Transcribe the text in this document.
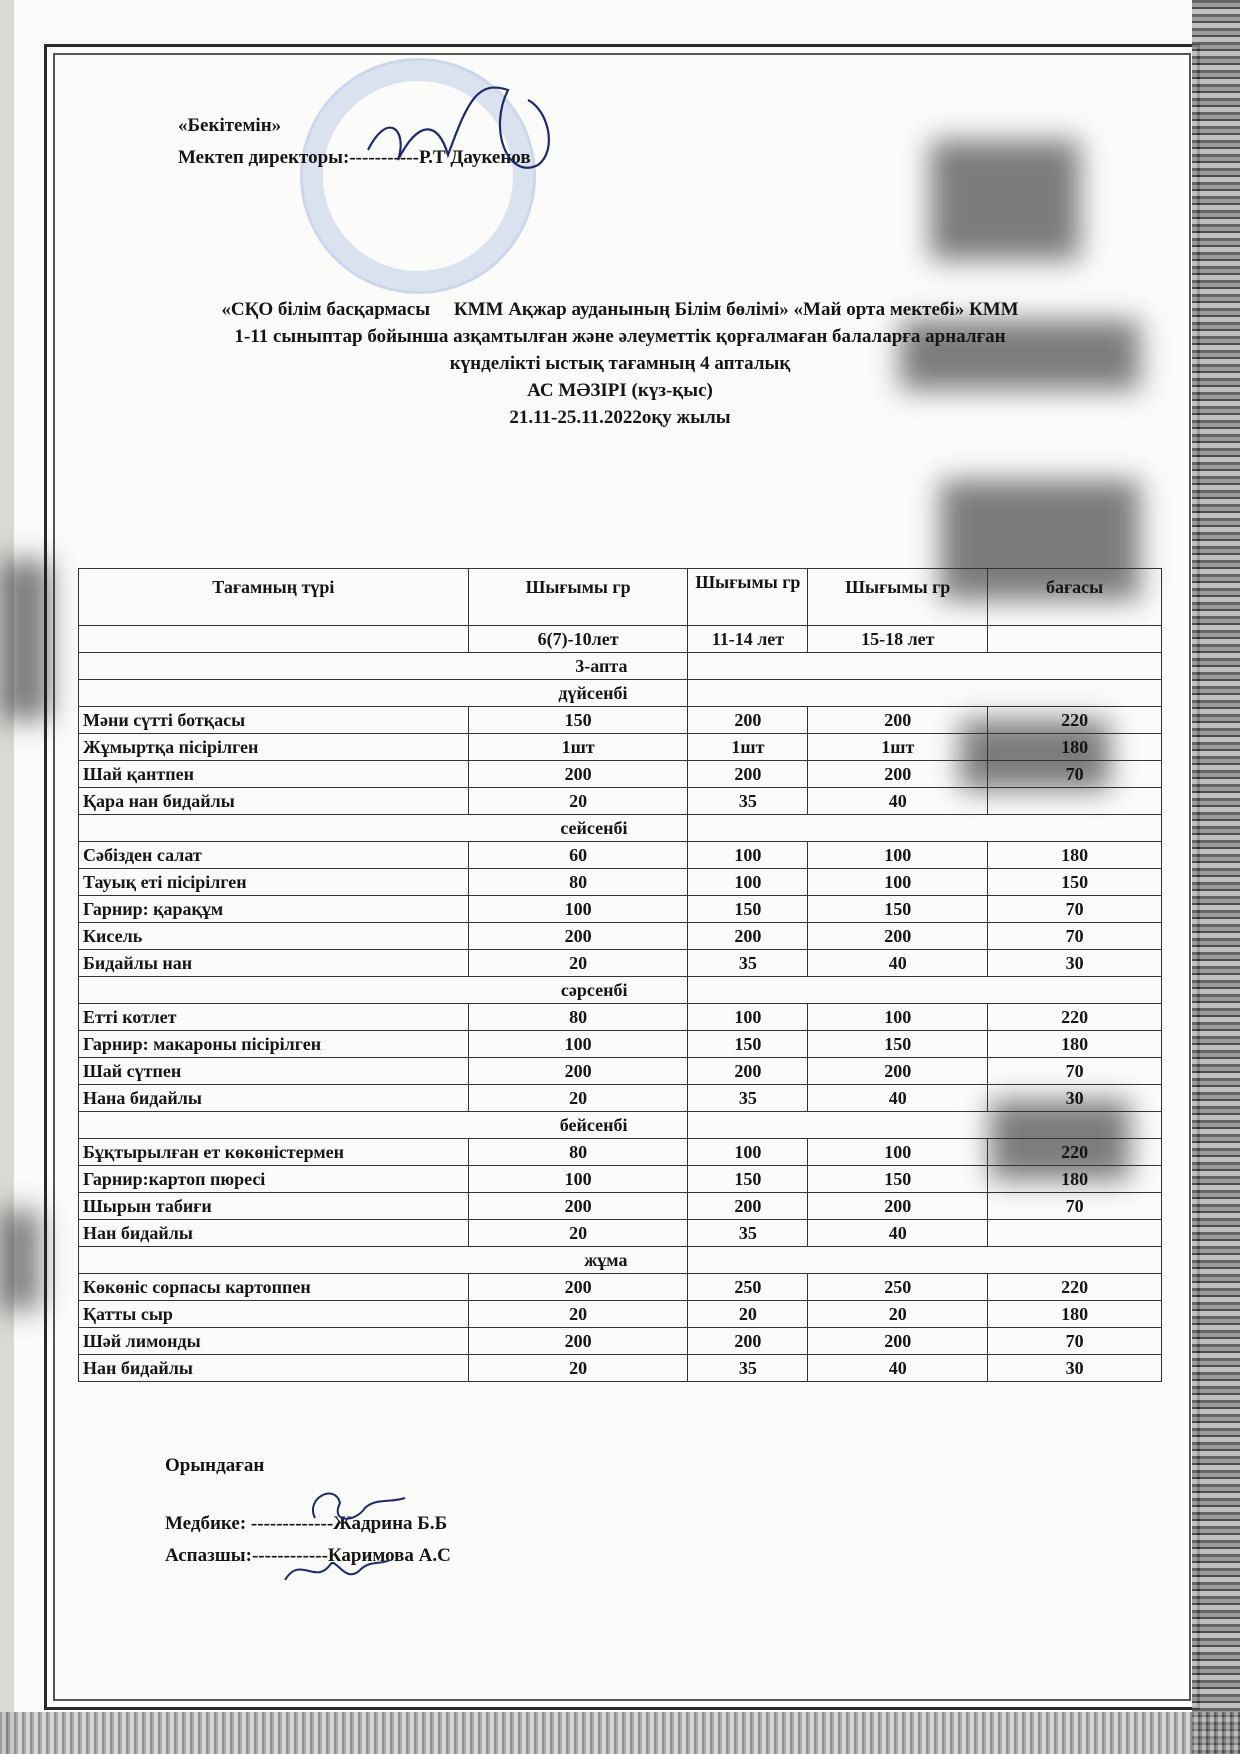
«Бекітемін»
Мектеп директоры:-----------Р.Т Даукенов
«СҚО білім басқармасы     КММ Ақжар ауданының Білім бөлімі» «Май орта мектебі» КММ
1-11 сыныптар бойынша азқамтылған және әлеуметтік қорғалмаған балаларға арналған
күнделікті ыстық тағамның 4 апталық
АС МӘЗІРІ (күз-қыс)
21.11-25.11.2022оқу жылы
Тағамның түрі	Шығымы гр	Шығымы гр	Шығымы гр	бағасы
	6(7)-10лет	11-14 лет	15-18 лет	
3-апта				
дүйсенбі				
Мәни сүтті ботқасы	150	200	200	220
Жұмыртқа пісірілген	1шт	1шт	1шт	180
Шай қантпен	200	200	200	70
Қара нан бидайлы	20	35	40	
сейсенбі				
Сәбізден салат	60	100	100	180
Тауық еті пісірілген	80	100	100	150
Гарнир: қарақұм	100	150	150	70
Кисель	200	200	200	70
Бидайлы нан	20	35	40	30
сәрсенбі				
Етті котлет	80	100	100	220
Гарнир: макароны пісірілген	100	150	150	180
Шай сүтпен	200	200	200	70
Нана бидайлы	20	35	40	30
бейсенбі				
Бұқтырылған ет көкөністермен	80	100	100	220
Гарнир:картоп пюресі	100	150	150	180
Шырын табиғи	200	200	200	70
Нан бидайлы	20	35	40	
жұма				
Көкөніс сорпасы картоппен	200	250	250	220
Қатты сыр	20	20	20	180
Шәй лимонды	200	200	200	70
Нан бидайлы	20	35	40	30
Орындаған
Медбике: -------------Жадрина Б.Б
Аспазшы:------------Каримова А.С
